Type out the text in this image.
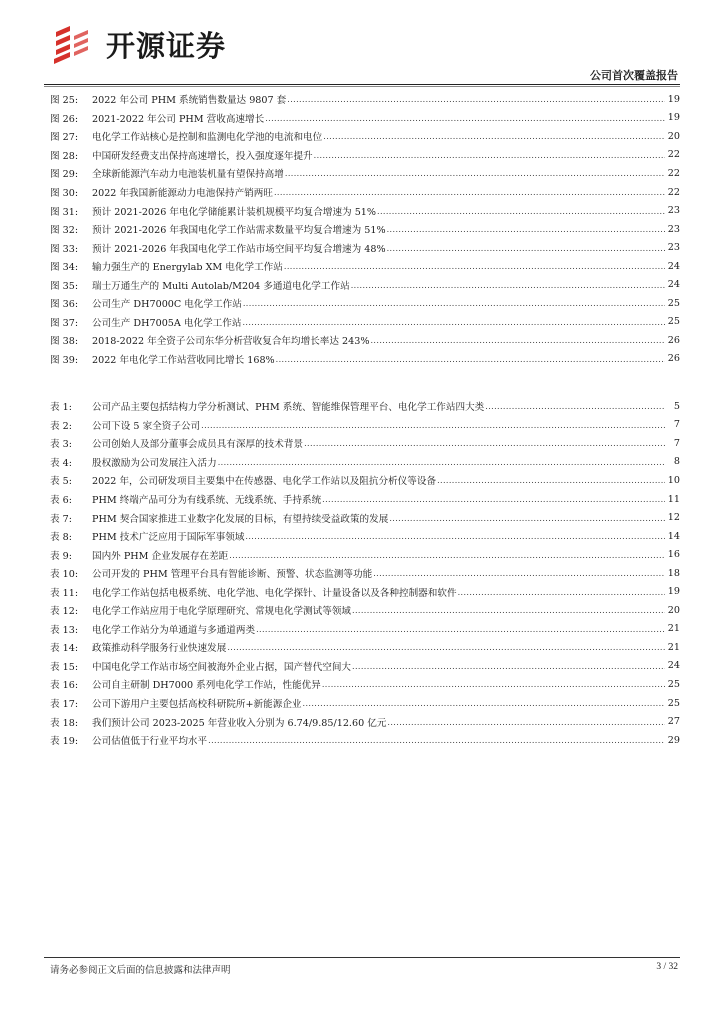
开源证券
公司首次覆盖报告
图 25:	2022 年公司 PHM 系统销售数量达 9807 套 .....	19
图 26:	2021-2022 年公司 PHM 营收高速增长 .....	19
图 27:	电化学工作站核心是控制和监测电化学池的电流和电位 .....	20
图 28:	中国研发经费支出保持高速增长，投入强度逐年提升 .....	22
图 29:	全球新能源汽车动力电池装机量有望保持高增 .....	22
图 30:	2022 年我国新能源动力电池保持产销两旺 .....	22
图 31:	预计 2021-2026 年电化学储能累计装机规模平均复合增速为 51% .....	23
图 32:	预计 2021-2026 年我国电化学工作站需求数量平均复合增速为 51% .....	23
图 33:	预计 2021-2026 年我国电化学工作站市场空间平均复合增速为 48% .....	23
图 34:	输力强生产的 Energylab XM 电化学工作站 .....	24
图 35:	瑞士万通生产的 Multi Autolab/M204 多通道电化学工作站 .....	24
图 36:	公司生产 DH7000C 电化学工作站 .....	25
图 37:	公司生产 DH7005A 电化学工作站 .....	25
图 38:	2018-2022 年全资子公司东华分析营收复合年均增长率达 243% .....	26
图 39:	2022 年电化学工作站营收同比增长 168% .....	26
表 1:	公司产品主要包括结构力学分析测试、PHM 系统、智能维保管理平台、电化学工作站四大类 .....	5
表 2:	公司下设 5 家全资子公司 .....	7
表 3:	公司创始人及部分董事会成员具有深厚的技术背景 .....	7
表 4:	股权激励为公司发展注入活力 .....	8
表 5:	2022 年，公司研发项目主要集中在传感器、电化学工作站以及阻抗分析仪等设备 .....	10
表 6:	PHM 终端产品可分为有线系统、无线系统、手持系统 .....	11
表 7:	PHM 契合国家推进工业数字化发展的目标，有望持续受益政策的发展 .....	12
表 8:	PHM 技术广泛应用于国际军事领域 .....	14
表 9:	国内外 PHM 企业发展存在差距 .....	16
表 10:	公司开发的 PHM 管理平台具有智能诊断、预警、状态监测等功能 .....	18
表 11:	电化学工作站包括电极系统、电化学池、电化学探针、计量设备以及各种控制器和软件 .....	19
表 12:	电化学工作站应用于电化学原理研究、常规电化学测试等领域 .....	20
表 13:	电化学工作站分为单通道与多通道两类 .....	21
表 14:	政策推动科学服务行业快速发展 .....	21
表 15:	中国电化学工作站市场空间被海外企业占据，国产替代空间大 .....	24
表 16:	公司自主研制 DH7000 系列电化学工作站，性能优异 .....	25
表 17:	公司下游用户主要包括高校科研院所+新能源企业 .....	25
表 18:	我们预计公司 2023-2025 年营业收入分别为 6.74/9.85/12.60 亿元 .....	27
表 19:	公司估值低于行业平均水平 .....	29
请务必参阅正文后面的信息披露和法律声明	3 / 32
